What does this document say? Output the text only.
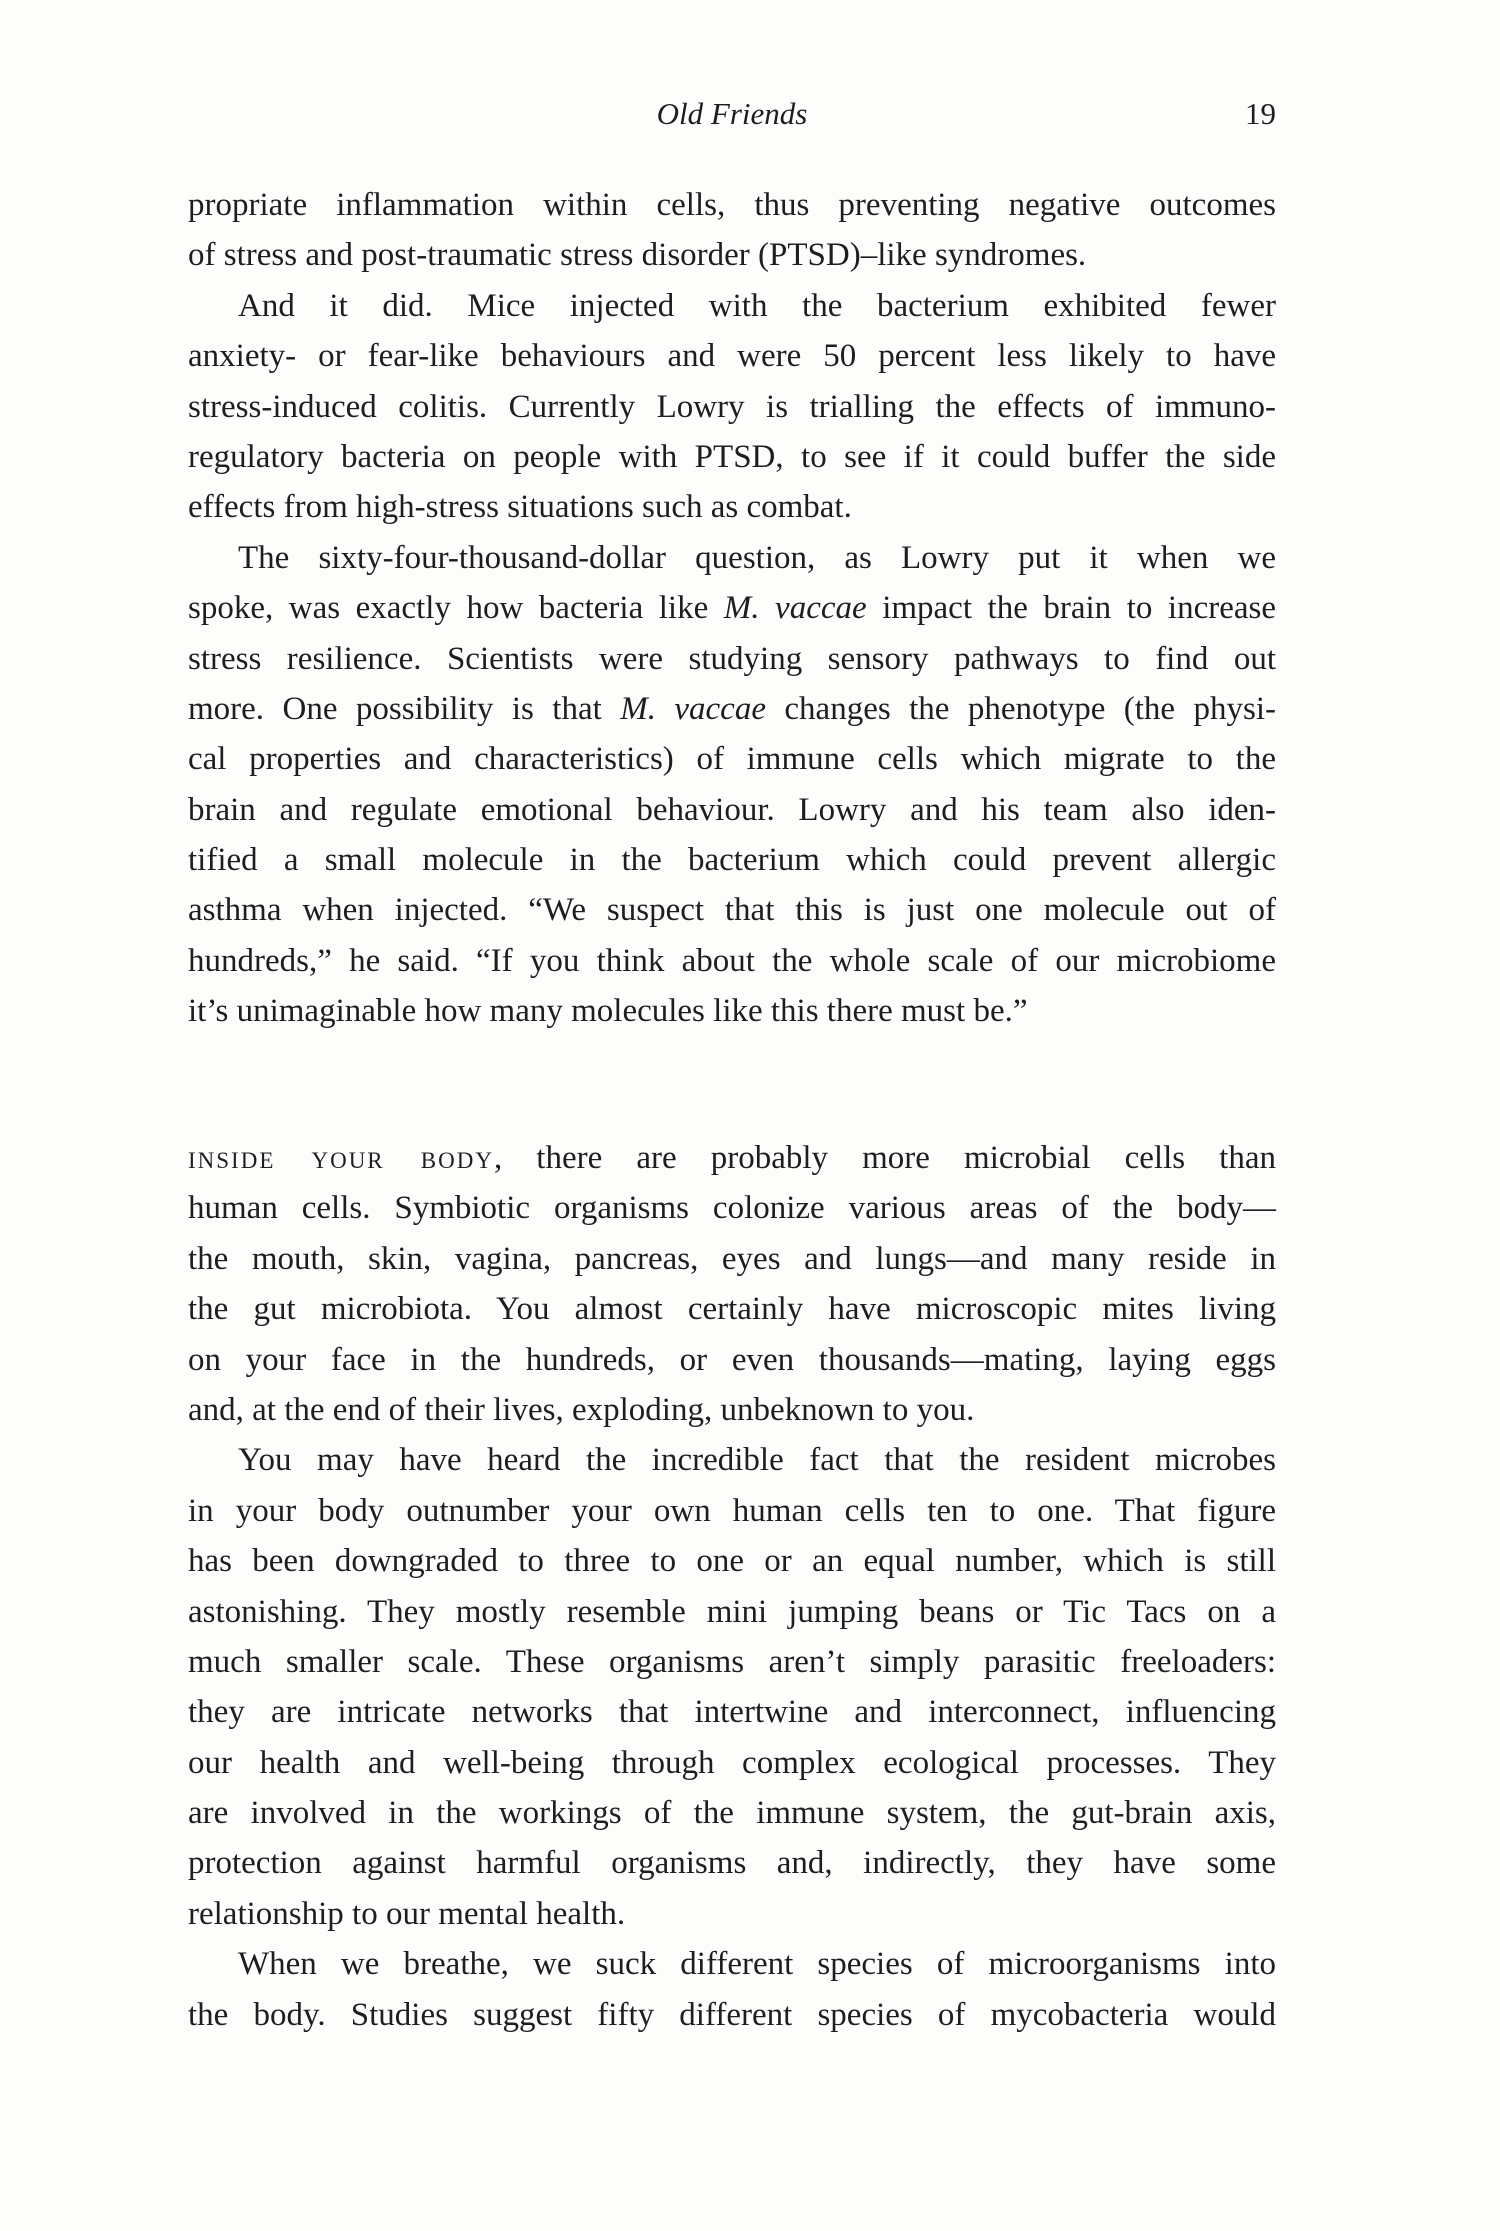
Old Friends	19
propriate inflammation within cells, thus preventing negative outcomes
of stress and post-traumatic stress disorder (PTSD)–like syndromes.
And it did. Mice injected with the bacterium exhibited fewer
anxiety- or fear-like behaviours and were 50 percent less likely to have
stress-induced colitis. Currently Lowry is trialling the effects of immuno-
regulatory bacteria on people with PTSD, to see if it could buffer the side
effects from high-stress situations such as combat.
The sixty-four-thousand-dollar question, as Lowry put it when we
spoke, was exactly how bacteria like M. vaccae impact the brain to increase
stress resilience. Scientists were studying sensory pathways to find out
more. One possibility is that M. vaccae changes the phenotype (the physi-
cal properties and characteristics) of immune cells which migrate to the
brain and regulate emotional behaviour. Lowry and his team also iden-
tified a small molecule in the bacterium which could prevent allergic
asthma when injected. “We suspect that this is just one molecule out of
hundreds,” he said. “If you think about the whole scale of our microbiome
it’s unimaginable how many molecules like this there must be.”
inside your body, there are probably more microbial cells than
human cells. Symbiotic organisms colonize various areas of the body—
the mouth, skin, vagina, pancreas, eyes and lungs—and many reside in
the gut microbiota. You almost certainly have microscopic mites living
on your face in the hundreds, or even thousands—mating, laying eggs
and, at the end of their lives, exploding, unbeknown to you.
You may have heard the incredible fact that the resident microbes
in your body outnumber your own human cells ten to one. That figure
has been downgraded to three to one or an equal number, which is still
astonishing. They mostly resemble mini jumping beans or Tic Tacs on a
much smaller scale. These organisms aren’t simply parasitic freeloaders:
they are intricate networks that intertwine and interconnect, influencing
our health and well-being through complex ecological processes. They
are involved in the workings of the immune system, the gut-brain axis,
protection against harmful organisms and, indirectly, they have some
relationship to our mental health.
When we breathe, we suck different species of microorganisms into
the body. Studies suggest fifty different species of mycobacteria would
